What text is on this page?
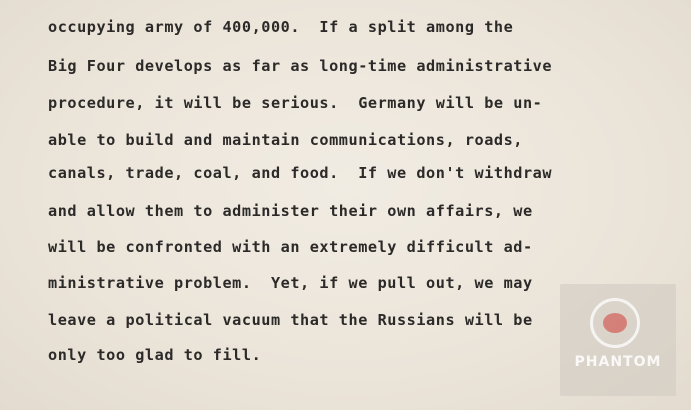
occupying army of 400,000.  If a split among the
Big Four develops as far as long-time administrative
procedure, it will be serious.  Germany will be un-
able to build and maintain communications, roads,
canals, trade, coal, and food.  If we don't withdraw
and allow them to administer their own affairs, we
will be confronted with an extremely difficult ad-
ministrative problem.  Yet, if we pull out, we may
leave a political vacuum that the Russians will be
only too glad to fill.	PHANTOM
